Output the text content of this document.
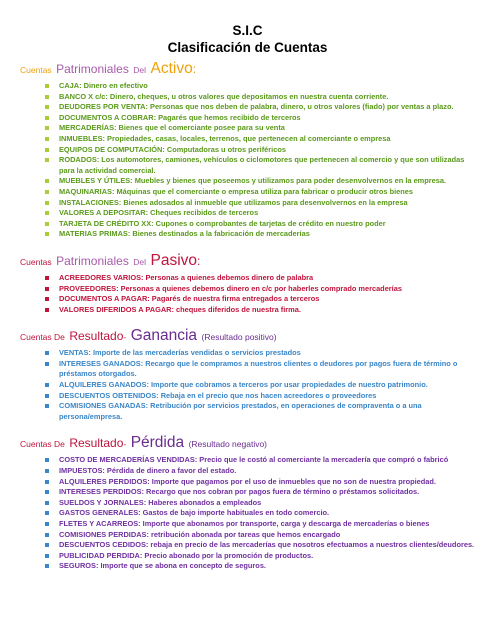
S.I.C
Clasificación de Cuentas
Cuentas Patrimoniales Del Activo:
CAJA: Dinero en efectivo
BANCO X c/c: Dinero, cheques, u otros valores que depositamos en nuestra cuenta corriente.
DEUDORES POR VENTA: Personas que nos deben de palabra, dinero, u otros valores (fiado) por ventas a plazo.
DOCUMENTOS A COBRAR: Pagarés que hemos recibido de terceros
MERCADERÍAS: Bienes que el comerciante posee para su venta
INMUEBLES: Propiedades, casas, locales, terrenos, que pertenecen al comerciante o empresa
EQUIPOS DE COMPUTACIÓN: Computadoras u otros periféricos
RODADOS: Los automotores, camiones, vehículos o ciclomotores que pertenecen al comercio y que son utilizadas para la actividad comercial.
MUEBLES Y ÚTILES: Muebles y bienes que poseemos y utilizamos para poder desenvolvernos en la empresa.
MAQUINARIAS: Máquinas que el comerciante o empresa utiliza para fabricar o producir otros bienes
INSTALACIONES: Bienes adosados al inmueble que utilizamos para desenvolvernos en la empresa
VALORES A DEPOSITAR: Cheques recibidos de terceros
TARJETA DE CRÉDITO XX: Cupones o comprobantes de tarjetas de crédito en nuestro poder
MATERIAS PRIMAS: Bienes destinados a la fabricación de mercaderías
Cuentas Patrimoniales Del Pasivo:
ACREEDORES VARIOS: Personas a quienes debemos dinero de palabra
PROVEEDORES: Personas a quienes debemos dinero en c/c por haberles comprado mercaderías
DOCUMENTOS A PAGAR: Pagarés de nuestra firma entregados a terceros
VALORES DIFERIDOS A PAGAR: cheques diferidos de nuestra firma.
Cuentas De Resultado- Ganancia (Resultado positivo)
VENTAS: Importe de las mercaderías vendidas o servicios prestados
INTERESES GANADOS: Recargo que le compramos a nuestros clientes o deudores por pagos fuera de término o préstamos otorgados.
ALQUILERES GANADOS: Importe que cobramos a terceros por usar propiedades de nuestro patrimonio.
DESCUENTOS OBTENIDOS: Rebaja en el precio que nos hacen acreedores o proveedores
COMISIONES GANADAS: Retribución por servicios prestados, en operaciones de compraventa o a una persona/empresa.
Cuentas De Resultado- Pérdida (Resultado negativo)
COSTO DE MERCADERÍAS VENDIDAS: Precio que le costó al comerciante la mercadería que compró o fabricó
IMPUESTOS: Pérdida de dinero a favor del estado.
ALQUILERES PERDIDOS: Importe que pagamos por el uso de inmuebles que no son de nuestra propiedad.
INTERESES PERDIDOS: Recargo que nos cobran por pagos fuera de término o préstamos solicitados.
SUELDOS Y JORNALES: Haberes abonados a empleados
GASTOS GENERALES: Gastos de bajo importe habituales en todo comercio.
FLETES Y ACARREOS: Importe que abonamos por transporte, carga y descarga de mercaderías o bienes
COMISIONES PERDIDAS: retribución abonada por tareas que hemos encargado
DESCUENTOS CEDIDOS: rebaja en precio de las mercaderías que nosotros efectuamos a nuestros clientes/deudores.
PUBLICIDAD PERDIDA: Precio abonado por la promoción de productos.
SEGUROS: Importe que se abona en concepto de seguros.
